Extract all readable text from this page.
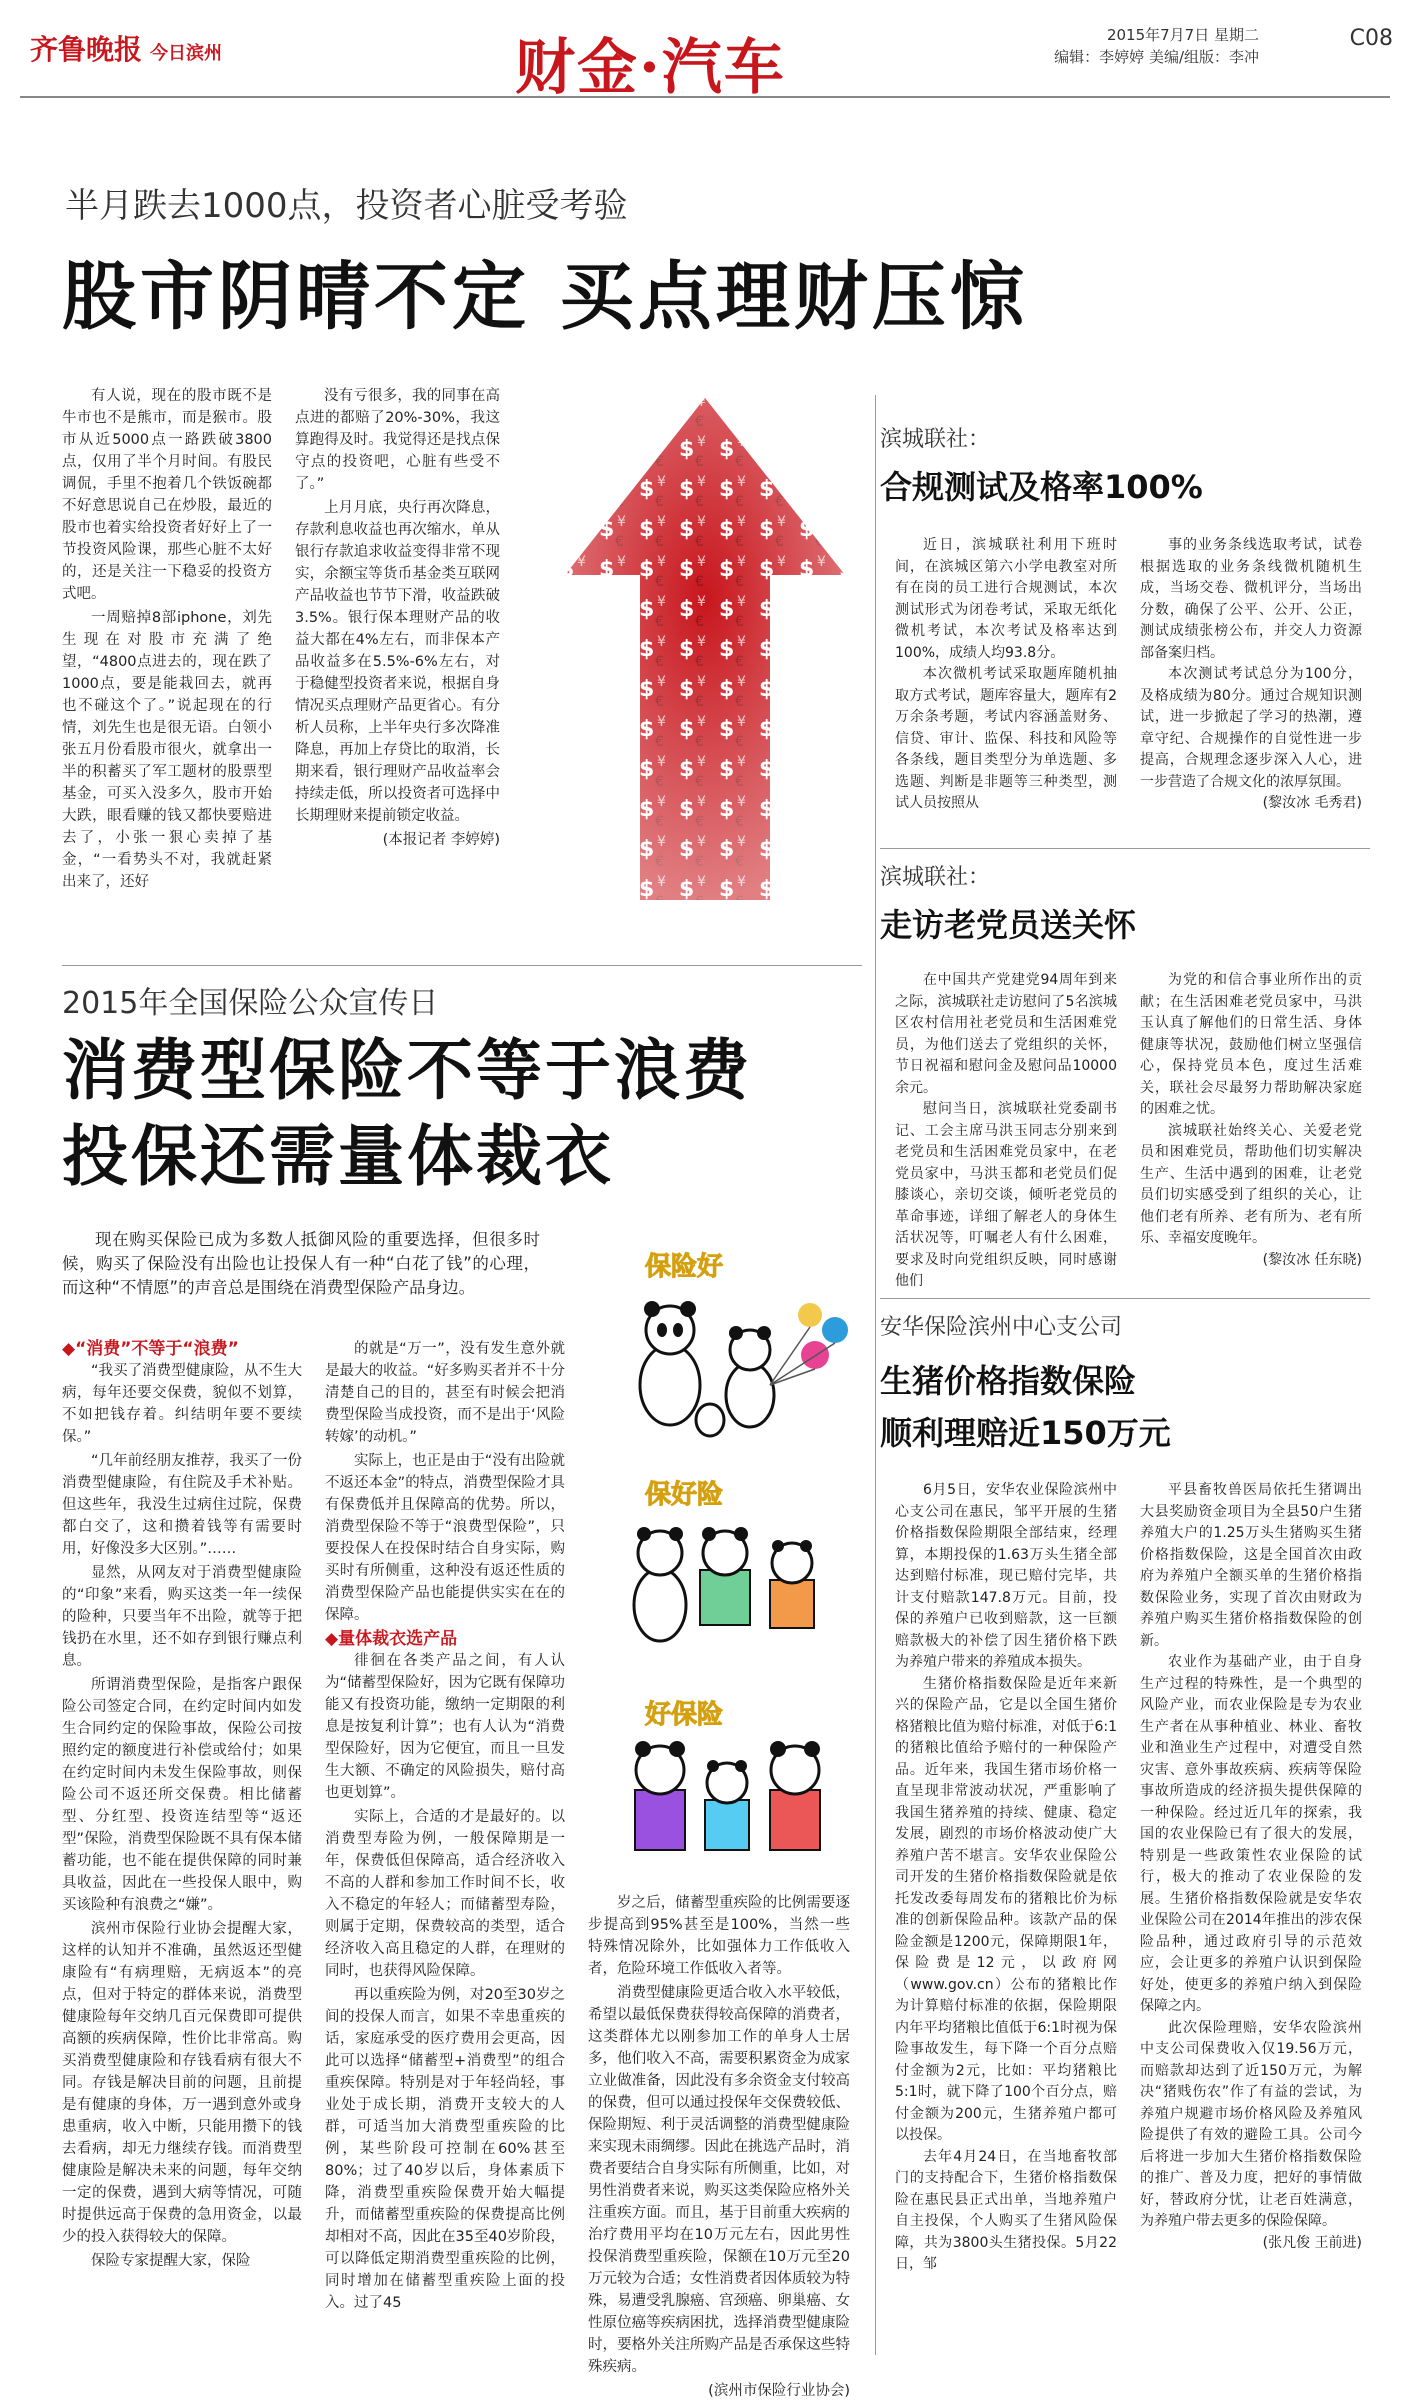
齐鲁晚报 今日滨州	财金·汽车	2015年7月7日 星期二
编辑：李婷婷 美编/组版：李冲
C08
半月跌去1000点，投资者心脏受考验
股市阴晴不定 买点理财压惊

有人说，现在的股市既不是牛市也不是熊市，而是猴市。股市从近5000点一路跌破3800点，仅用了半个月时间。有股民调侃，手里不抱着几个铁饭碗都不好意思说自己在炒股，最近的股市也着实给投资者好好上了一节投资风险课，那些心脏不太好的，还是关注一下稳妥的投资方式吧。

一周赔掉8部iphone，刘先生现在对股市充满了绝望，“4800点进去的，现在跌了1000点，要是能栽回去，就再也不碰这个了。”说起现在的行情，刘先生也是很无语。白领小张五月份看股市很火，就拿出一半的积蓄买了军工题材的股票型基金，可买入没多久，股市开始大跌，眼看赚的钱又都快要赔进去了，小张一狠心卖掉了基金，“一看势头不对，我就赶紧出来了，还好

没有亏很多，我的同事在高点进的都赔了20%-30%，我这算跑得及时。我觉得还是找点保守点的投资吧，心脏有些受不了。”

上月月底，央行再次降息，存款利息收益也再次缩水，单从银行存款追求收益变得非常不现实，余额宝等货币基金类互联网产品收益也节节下滑，收益跌破3.5%。银行保本理财产品的收益大都在4%左右，而非保本产品收益多在5.5%-6%左右，对于稳健型投资者来说，根据自身情况买点理财产品更省心。有分析人员称，上半年央行多次降准降息，再加上存贷比的取消，长期来看，银行理财产品收益率会持续走低，所以投资者可选择中长期理财来提前锁定收益。

(本报记者 李婷婷)
2015年全国保险公众宣传日
消费型保险不等于浪费
投保还需量体裁衣

现在购买保险已成为多数人抵御风险的重要选择，但很多时候，购买了保险没有出险也让投保人有一种“白花了钱”的心理，而这种“不情愿”的声音总是围绕在消费型保险产品身边。

◆“消费”不等于“浪费”

“我买了消费型健康险，从不生大病，每年还要交保费，貌似不划算，不如把钱存着。纠结明年要不要续保。”

“几年前经朋友推荐，我买了一份消费型健康险，有住院及手术补贴。但这些年，我没生过病住过院，保费都白交了，这和攒着钱等有需要时用，好像没多大区别。”……

显然，从网友对于消费型健康险的“印象”来看，购买这类一年一续保的险种，只要当年不出险，就等于把钱扔在水里，还不如存到银行赚点利息。

所谓消费型保险，是指客户跟保险公司签定合同，在约定时间内如发生合同约定的保险事故，保险公司按照约定的额度进行补偿或给付；如果在约定时间内未发生保险事故，则保险公司不返还所交保费。相比储蓄型、分红型、投资连结型等“返还型”保险，消费型保险既不具有保本储蓄功能，也不能在提供保障的同时兼具收益，因此在一些投保人眼中，购买该险种有浪费之“嫌”。

滨州市保险行业协会提醒大家，这样的认知并不准确，虽然返还型健康险有“有病理赔，无病返本”的亮点，但对于特定的群体来说，消费型健康险每年交纳几百元保费即可提供高额的疾病保障，性价比非常高。购买消费型健康险和存钱看病有很大不同。存钱是解决目前的问题，且前提是有健康的身体，万一遇到意外或身患重病，收入中断，只能用攒下的钱去看病，却无力继续存钱。而消费型健康险是解决未来的问题，每年交纳一定的保费，遇到大病等情况，可随时提供远高于保费的急用资金，以最少的投入获得较大的保障。

保险专家提醒大家，保险

的就是“万一”，没有发生意外就是最大的收益。“好多购买者并不十分清楚自己的目的，甚至有时候会把消费型保险当成投资，而不是出于‘风险转嫁’的动机。”

实际上，也正是由于“没有出险就不返还本金”的特点，消费型保险才具有保费低并且保障高的优势。所以，消费型保险不等于“浪费型保险”，只要投保人在投保时结合自身实际，购买时有所侧重，这种没有返还性质的消费型保险产品也能提供实实在在的保障。

◆量体裁衣选产品

徘徊在各类产品之间，有人认为“储蓄型保险好，因为它既有保障功能又有投资功能，缴纳一定期限的利息是按复利计算”；也有人认为“消费型保险好，因为它便宜，而且一旦发生大额、不确定的风险损失，赔付高也更划算”。

实际上，合适的才是最好的。以消费型寿险为例，一般保障期是一年，保费低但保障高，适合经济收入不高的人群和参加工作时间不长，收入不稳定的年轻人；而储蓄型寿险，则属于定期，保费较高的类型，适合经济收入高且稳定的人群，在理财的同时，也获得风险保障。

再以重疾险为例，对20至30岁之间的投保人而言，如果不幸患重疾的话，家庭承受的医疗费用会更高，因此可以选择“储蓄型+消费型”的组合重疾保障。特别是对于年轻尚轻，事业处于成长期，消费开支较大的人群，可适当加大消费型重疾险的比例，某些阶段可控制在60%甚至80%；过了40岁以后，身体素质下降，消费型重疾险保费开始大幅提升，而储蓄型重疾险的保费提高比例却相对不高，因此在35至40岁阶段，可以降低定期消费型重疾险的比例，同时增加在储蓄型重疾险上面的投入。过了45

岁之后，储蓄型重疾险的比例需要逐步提高到95%甚至是100%，当然一些特殊情况除外，比如强体力工作低收入者，危险环境工作低收入者等。

消费型健康险更适合收入水平较低，希望以最低保费获得较高保障的消费者，这类群体尤以刚参加工作的单身人士居多，他们收入不高，需要积累资金为成家立业做准备，因此没有多余资金支付较高的保费，但可以通过投保年交保费较低、保险期短、利于灵活调整的消费型健康险来实现未雨绸缪。因此在挑选产品时，消费者要结合自身实际有所侧重，比如，对男性消费者来说，购买这类保险应格外关注重疾方面。而且，基于目前重大疾病的治疗费用平均在10万元左右，因此男性投保消费型重疾险，保额在10万元至20万元较为合适；女性消费者因体质较为特殊，易遭受乳腺癌、宫颈癌、卵巢癌、女性原位癌等疾病困扰，选择消费型健康险时，要格外关注所购产品是否承保这些特殊疾病。

(滨州市保险行业协会)
保险好
保好险
好保险
滨城联社：
合规测试及格率100%

近日，滨城联社利用下班时间，在滨城区第六小学电教室对所有在岗的员工进行合规测试，本次测试形式为闭卷考试，采取无纸化微机考试，本次考试及格率达到100%，成绩人均93.8分。

本次微机考试采取题库随机抽取方式考试，题库容量大，题库有2万余条考题，考试内容涵盖财务、信贷、审计、监保、科技和风险等各条线，题目类型分为单选题、多选题、判断是非题等三种类型，测试人员按照从

事的业务条线选取考试，试卷根据选取的业务条线微机随机生成，当场交卷、微机评分，当场出分数，确保了公平、公开、公正，测试成绩张榜公布，并交人力资源部备案归档。

本次测试考试总分为100分，及格成绩为80分。通过合规知识测试，进一步掀起了学习的热潮，遵章守纪、合规操作的自觉性进一步提高，合规理念逐步深入人心，进一步营造了合规文化的浓厚氛围。

(黎汝冰 毛秀君)
滨城联社：
走访老党员送关怀

在中国共产党建党94周年到来之际，滨城联社走访慰问了5名滨城区农村信用社老党员和生活困难党员，为他们送去了党组织的关怀，节日祝福和慰问金及慰问品10000余元。

慰问当日，滨城联社党委副书记、工会主席马洪玉同志分别来到老党员和生活困难党员家中，在老党员家中，马洪玉都和老党员们促膝谈心，亲切交谈，倾听老党员的革命事迹，详细了解老人的身体生活状况等，叮嘱老人有什么困难，要求及时向党组织反映，同时感谢他们

为党的和信合事业所作出的贡献；在生活困难老党员家中，马洪玉认真了解他们的日常生活、身体健康等状况，鼓励他们树立坚强信心，保持党员本色，度过生活难关，联社会尽最努力帮助解决家庭的困难之忧。

滨城联社始终关心、关爱老党员和困难党员，帮助他们切实解决生产、生活中遇到的困难，让老党员们切实感受到了组织的关心，让他们老有所养、老有所为、老有所乐、幸福安度晚年。

(黎汝冰 任东晓)
安华保险滨州中心支公司
生猪价格指数保险
顺利理赔近150万元

6月5日，安华农业保险滨州中心支公司在惠民，邹平开展的生猪价格指数保险期限全部结束，经理算，本期投保的1.63万头生猪全部达到赔付标准，现已赔付完毕，共计支付赔款147.8万元。目前，投保的养殖户已收到赔款，这一巨额赔款极大的补偿了因生猪价格下跌为养殖户带来的养殖成本损失。

生猪价格指数保险是近年来新兴的保险产品，它是以全国生猪价格猪粮比值为赔付标准，对低于6:1的猪粮比值给予赔付的一种保险产品。近年来，我国生猪市场价格一直呈现非常波动状况，严重影响了我国生猪养殖的持续、健康、稳定发展，剧烈的市场价格波动使广大养殖户苦不堪言。安华农业保险公司开发的生猪价格指数保险就是依托发改委每周发布的猪粮比价为标准的创新保险品种。该款产品的保险金额是1200元，保障期限1年，保险费是12元，以政府网（www.gov.cn）公布的猪粮比作为计算赔付标准的依据，保险期限内年平均猪粮比值低于6:1时视为保险事故发生，每下降一个百分点赔付金额为2元，比如：平均猪粮比5:1时，就下降了100个百分点，赔付金额为200元，生猪养殖户都可以投保。

去年4月24日，在当地畜牧部门的支持配合下，生猪价格指数保险在惠民县正式出单，当地养殖户自主投保，个人购买了生猪风险保障，共为3800头生猪投保。5月22日，邹

平县畜牧兽医局依托生猪调出大县奖励资金项目为全县50户生猪养殖大户的1.25万头生猪购买生猪价格指数保险，这是全国首次由政府为养殖户全额买单的生猪价格指数保险业务，实现了首次由财政为养殖户购买生猪价格指数保险的创新。

农业作为基础产业，由于自身生产过程的特殊性，是一个典型的风险产业，而农业保险是专为农业生产者在从事种植业、林业、畜牧业和渔业生产过程中，对遭受自然灾害、意外事故疾病、疾病等保险事故所造成的经济损失提供保障的一种保险。经过近几年的探索，我国的农业保险已有了很大的发展，特别是一些政策性农业保险的试行，极大的推动了农业保险的发展。生猪价格指数保险就是安华农业保险公司在2014年推出的涉农保险品种，通过政府引导的示范效应，会让更多的养殖户认识到保险好处，使更多的养殖户纳入到保险保障之内。

此次保险理赔，安华农险滨州中支公司保费收入仅19.56万元，而赔款却达到了近150万元，为解决“猪贱伤农”作了有益的尝试，为养殖户规避市场价格风险及养殖风险提供了有效的避险工具。公司今后将进一步加大生猪价格指数保险的推广、普及力度，把好的事情做好，替政府分忧，让老百姓满意，为养殖户带去更多的保险保障。

(张凡俊 王前进)
